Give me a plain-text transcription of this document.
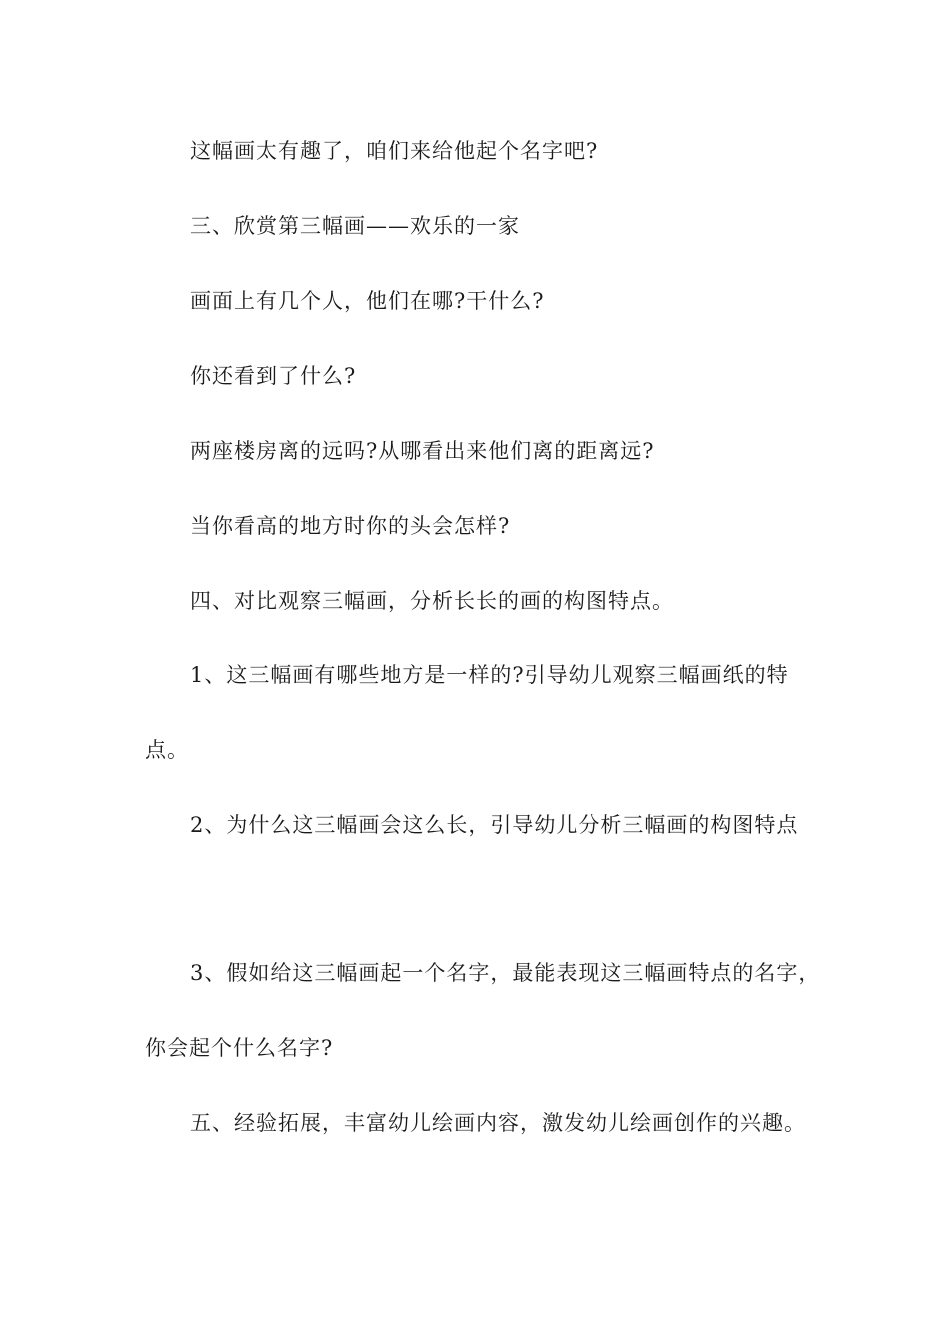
这幅画太有趣了，咱们来给他起个名字吧?
三、欣赏第三幅画——欢乐的一家
画面上有几个人，他们在哪?干什么?
你还看到了什么?
两座楼房离的远吗?从哪看出来他们离的距离远?
当你看高的地方时你的头会怎样?
四、对比观察三幅画，分析长长的画的构图特点。
1、这三幅画有哪些地方是一样的?引导幼儿观察三幅画纸的特
点。
2、为什么这三幅画会这么长，引导幼儿分析三幅画的构图特点
3、假如给这三幅画起一个名字，最能表现这三幅画特点的名字，
你会起个什么名字?
五、经验拓展，丰富幼儿绘画内容，激发幼儿绘画创作的兴趣。
